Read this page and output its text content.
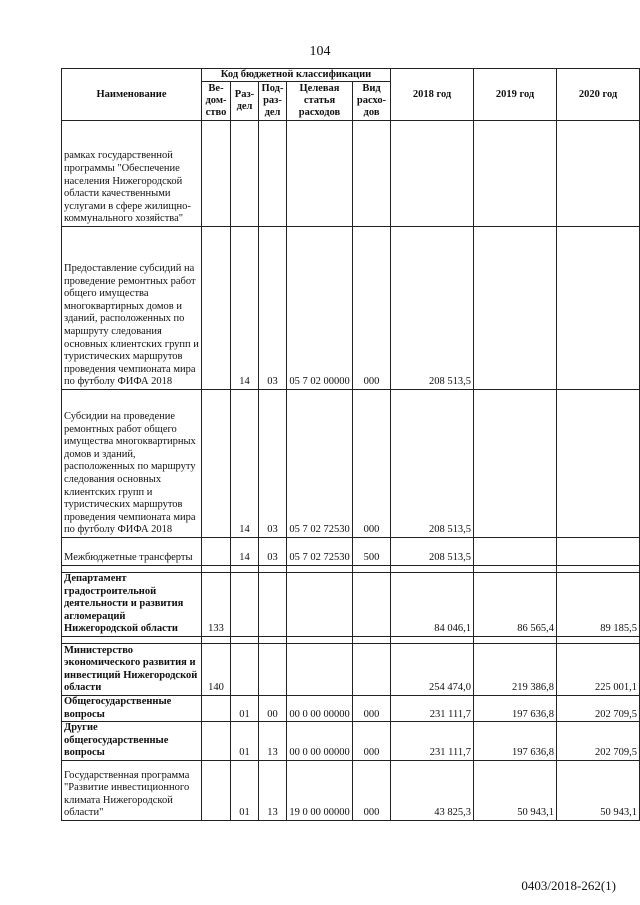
104
Наименование	Код бюджетной классификации					2018 год	2019 год	2020 год
	Ве-дом-ство	Раз-дел	Под-раз-дел	Целевая статья расходов	Вид расхо-дов			
рамках государственной программы "Обеспечение населения Нижегородской области качественными услугами в сфере жилищно-коммунального хозяйства"								
Предоставление субсидий на проведение ремонтных работ общего имущества многоквартирных домов и зданий, расположенных по маршруту следования основных клиентских групп и туристических маршрутов проведения чемпионата мира по футболу ФИФА 2018		14	03	05 7 02 00000	000	208 513,5		
Субсидии на проведение ремонтных работ общего имущества многоквартирных домов и зданий, расположенных по маршруту следования основных клиентских групп и туристических маршрутов проведения чемпионата мира по футболу ФИФА 2018		14	03	05 7 02 72530	000	208 513,5		
Межбюджетные трансферты		14	03	05 7 02 72530	500	208 513,5		

Департамент градостроительной деятельности и развития агломераций Нижегородской области	133					84 046,1	86 565,4	89 185,5

Министерство экономического развития и инвестиций Нижегородской области	140					254 474,0	219 386,8	225 001,1
Общегосударственные вопросы		01	00	00 0 00 00000	000	231 111,7	197 636,8	202 709,5
Другие общегосударственные вопросы		01	13	00 0 00 00000	000	231 111,7	197 636,8	202 709,5
Государственная программа "Развитие инвестиционного климата Нижегородской области"		01	13	19 0 00 00000	000	43 825,3	50 943,1	50 943,1
0403/2018-262(1)
